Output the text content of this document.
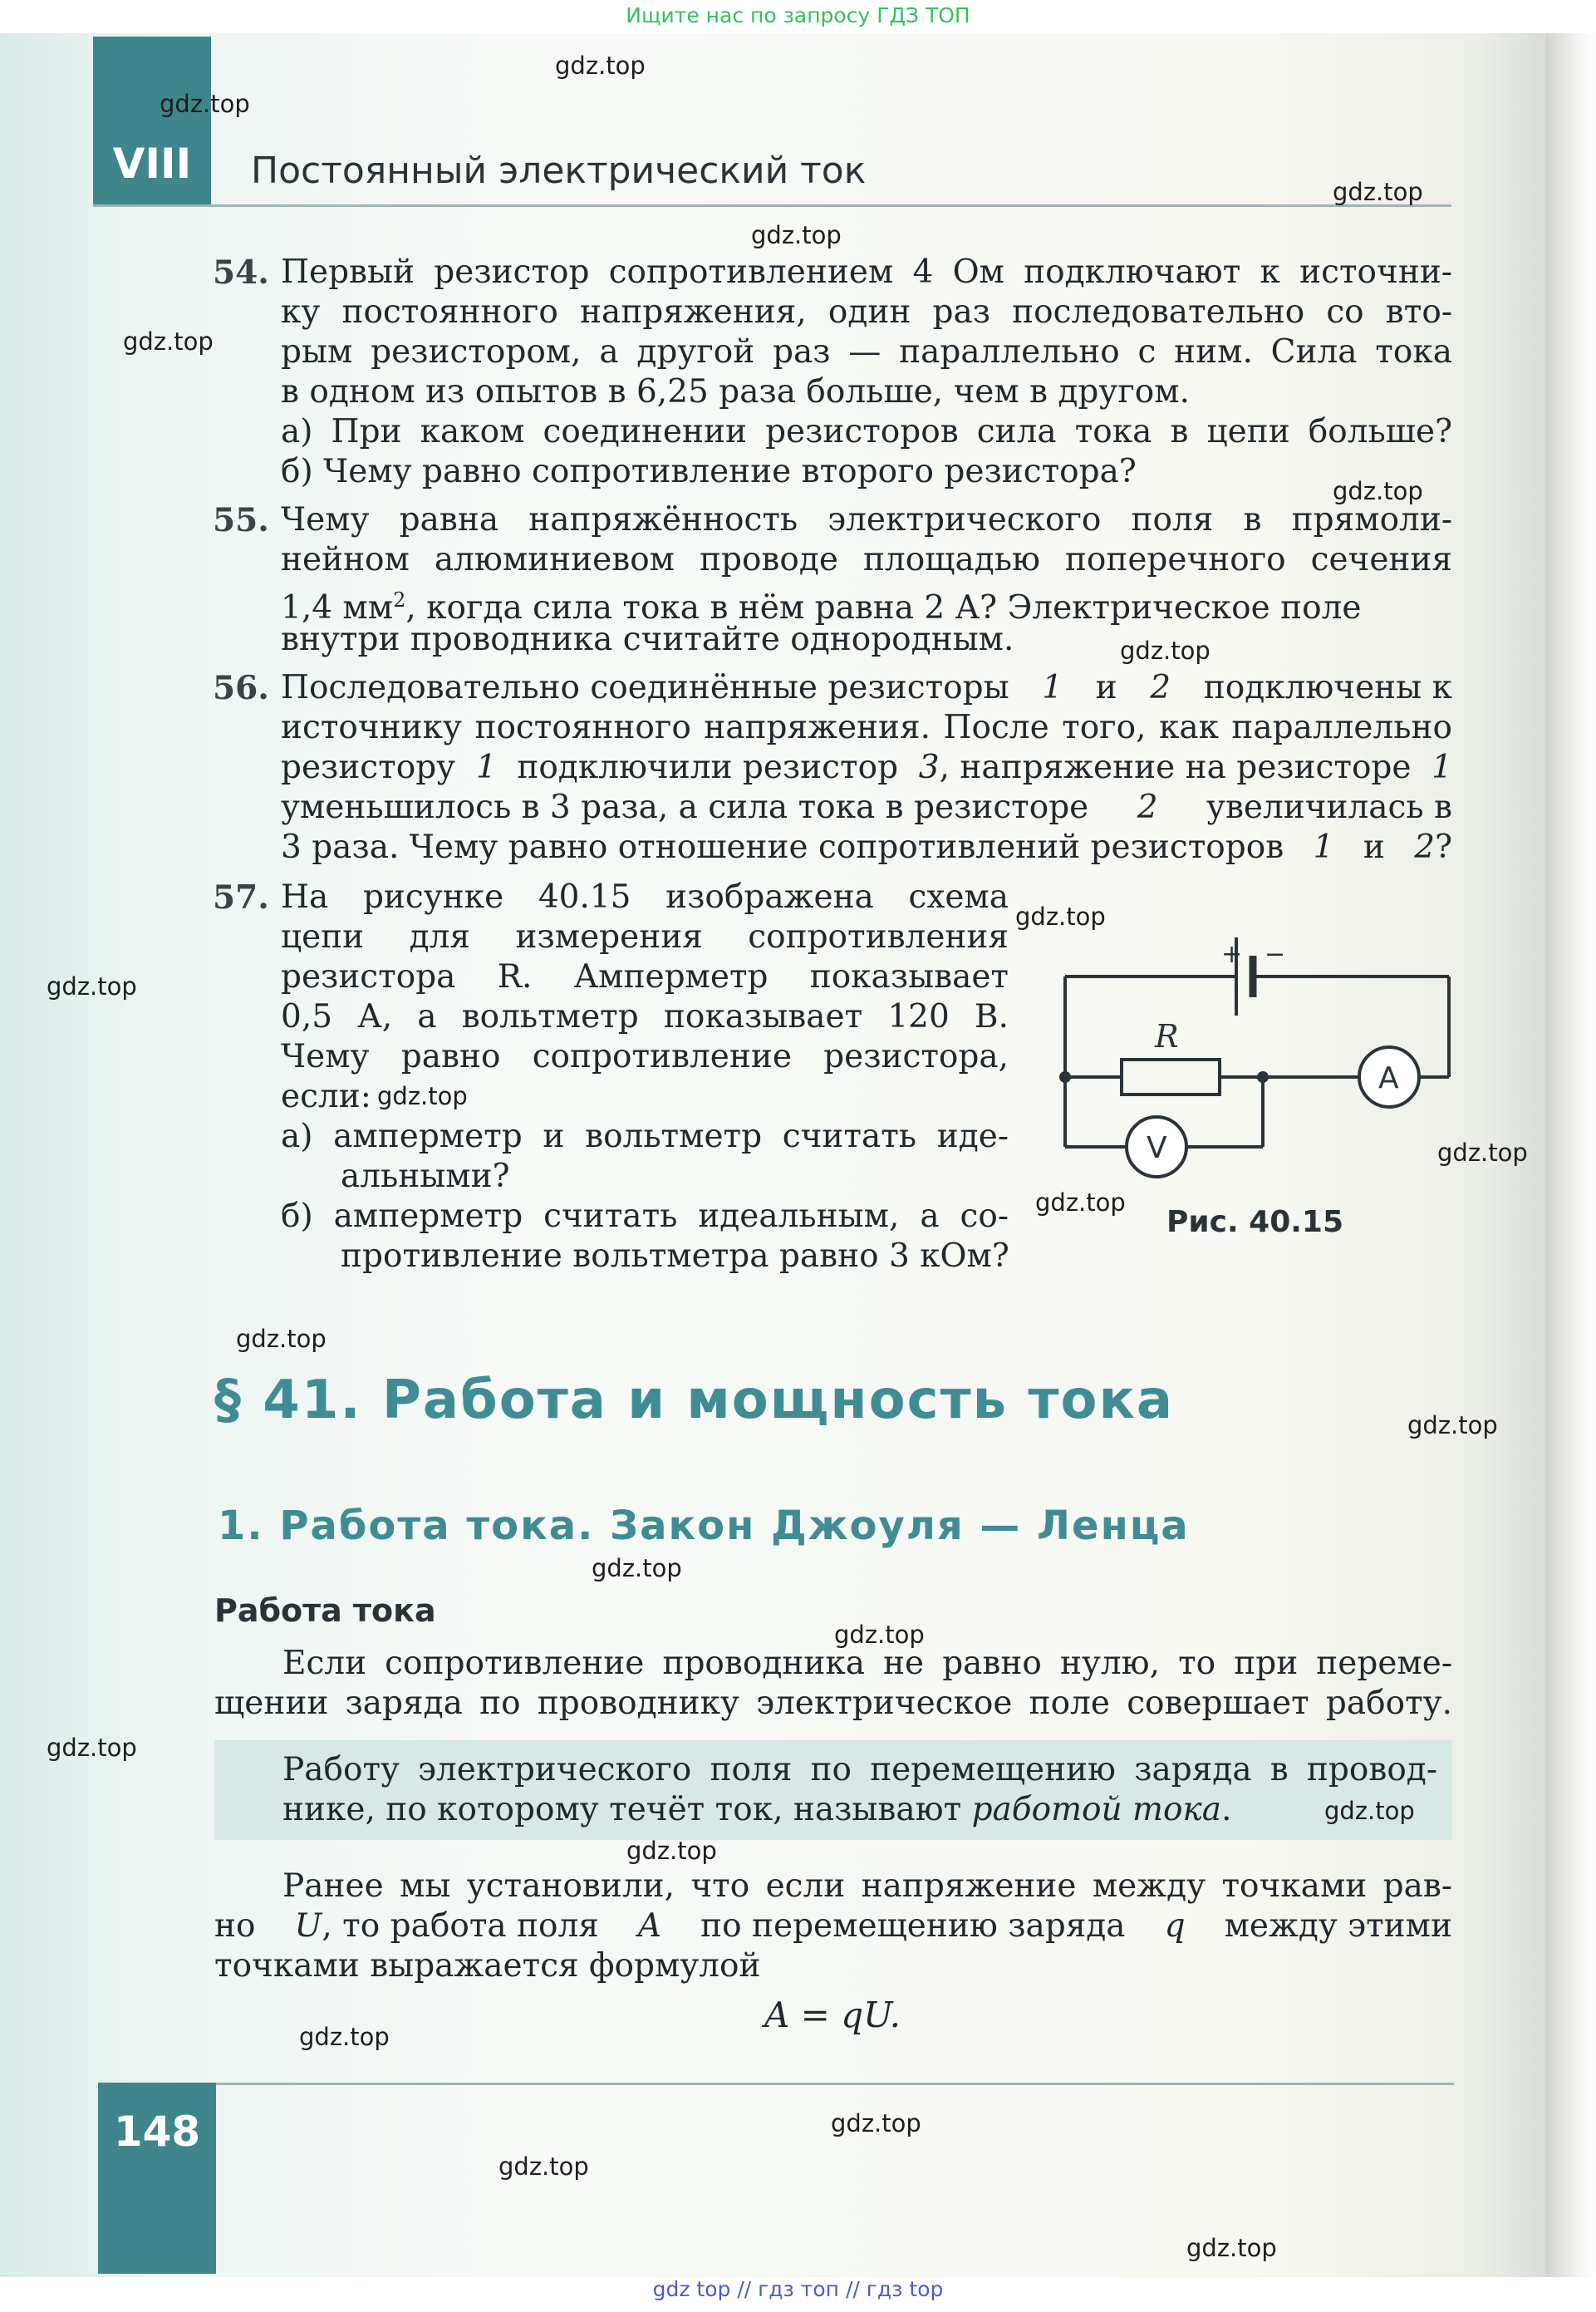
Ищите нас по запросу ГДЗ ТОП
VIII	Постоянный электрический ток
54. Первый резистор сопротивлением 4 Ом подключают к источни-
ку постоянного напряжения, один раз последовательно со вто-
рым резистором, а другой раз — параллельно с ним. Сила тока
в одном из опытов в 6,25 раза больше, чем в другом.
а) При каком соединении резисторов сила тока в цепи больше?
б) Чему равно сопротивление второго резистора?
55. Чему равна напряжённость электрического поля в прямоли-
нейном алюминиевом проводе площадью поперечного сечения
1,4 $мм^2$, когда сила тока в нём равна 2 А? Электрическое поле
внутри проводника считайте однородным.
56. Последовательно соединённые резисторы 1 и 2 подключены к
источнику постоянного напряжения. После того, как параллельно
резистору 1 подключили резистор 3, напряжение на резисторе 1
уменьшилось в 3 раза, а сила тока в резисторе 2 увеличилась в
3 раза. Чему равно отношение сопротивлений резисторов 1 и 2?
57. На рисунке 40.15 изображена схема
цепи для измерения сопротивления
резистора R. Амперметр показывает
0,5 А, а вольтметр показывает 120 В.
Чему равно сопротивление резистора,
если:
а) амперметр и вольтметр считать иде-
альными?
б) амперметр считать идеальным, а со-
противление вольтметра равно 3 кОм?
+ −
R
A
V
Рис. 40.15
§ 41. Работа и мощность тока
1. Работа тока. Закон Джоуля — Ленца
Работа тока
Если сопротивление проводника не равно нулю, то при переме-
щении заряда по проводнику электрическое поле совершает работу.
Работу электрического поля по перемещению заряда в провод-
нике, по которому течёт ток, называют работой тока.
Ранее мы установили, что если напряжение между точками рав-
но U, то работа поля A по перемещению заряда q между этими
точками выражается формулой
A = qU.
148
gdz.top
gdz.top
gdz.top
gdz.top
gdz.top
gdz.top
gdz.top
gdz.top
gdz.top
gdz.top
gdz.top
gdz.top
gdz.top
gdz.top
gdz.top
gdz.top
gdz.top
gdz.top
gdz.top
gdz.top
gdz.top
gdz.top
gdz.top
gdz top // гдз топ // гдз top
